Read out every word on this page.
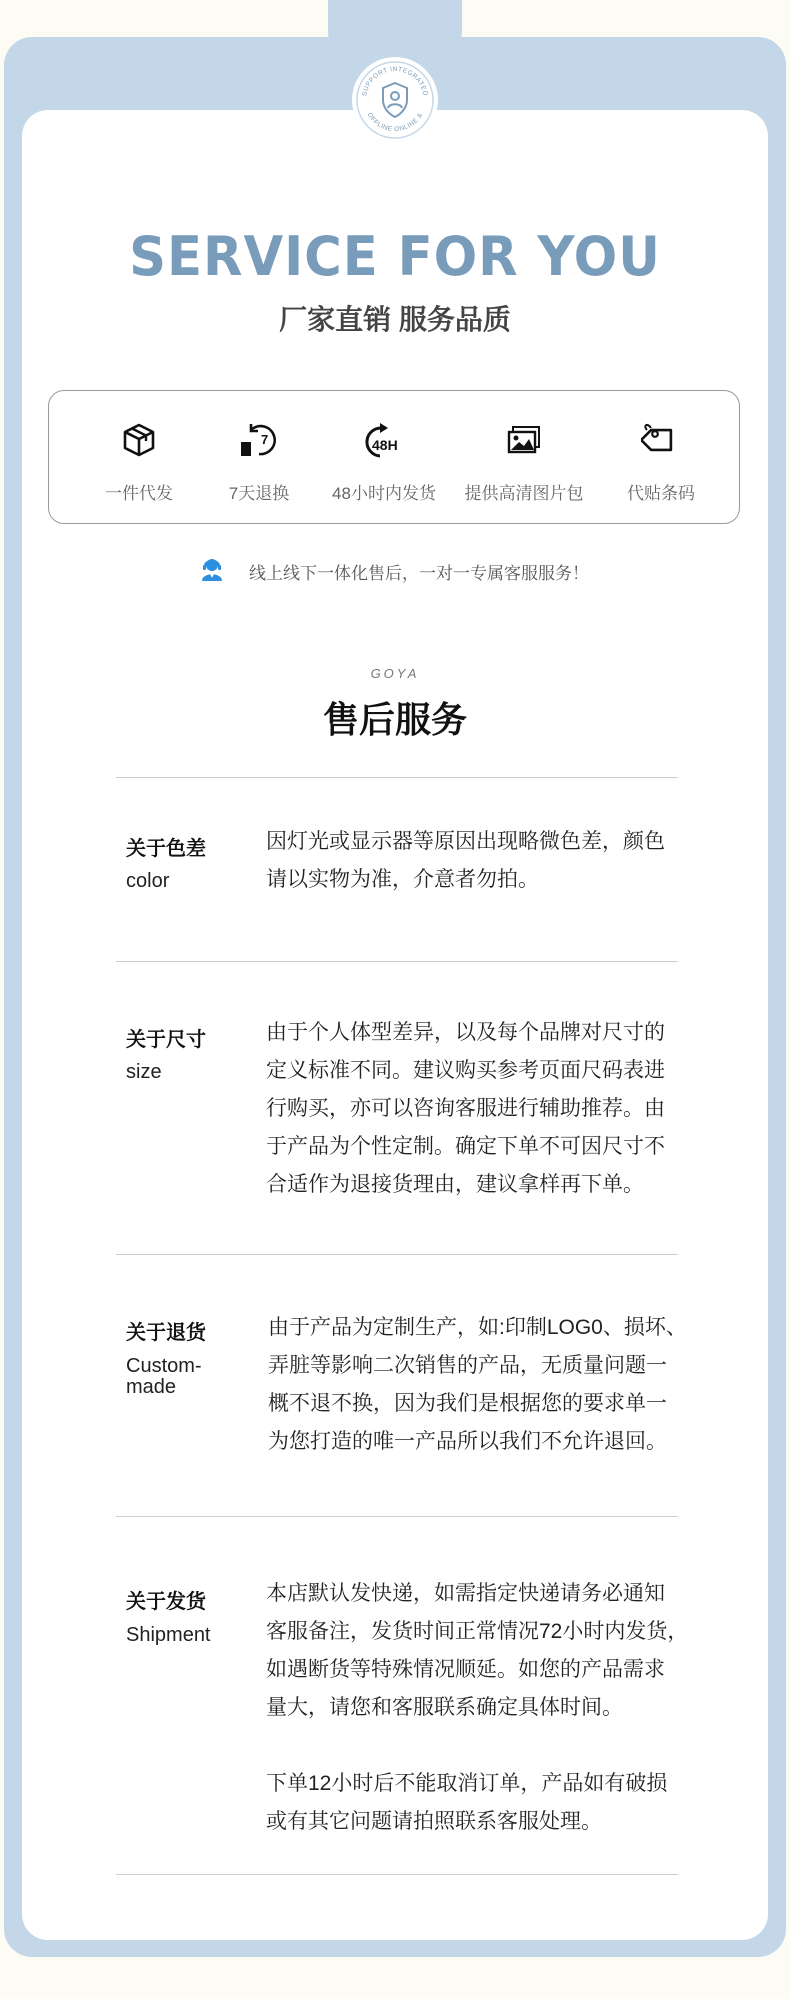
SUPPORT INTEGRATED
OFFLINE ONLINE &
SERVICE FOR YOU
厂家直销 服务品质
一件代发
7
7天退换
48H
48小时内发货	提供高清图片包	代贴条码
线上线下一体化售后，一对一专属客服服务！
GOYA
售后服务
关于色差
color

因灯光或显示器等原因出现略微色差，颜色

请以实物为准，介意者勿拍。

关于尺寸
size

由于个人体型差异，以及每个品牌对尺寸的

定义标准不同。建议购买参考页面尺码表进

行购买，亦可以咨询客服进行辅助推荐。由

于产品为个性定制。确定下单不可因尺寸不

合适作为退接货理由，建议拿样再下单。

关于退货
Custom-
made

由于产品为定制生产，如:印制LOG0、损坏、

弄脏等影响二次销售的产品，无质量问题一

概不退不换，因为我们是根据您的要求单一

为您打造的唯一产品所以我们不允许退回。

关于发货
Shipment

本店默认发快递，如需指定快递请务必通知

客服备注，发货时间正常情况72小时内发货，

如遇断货等特殊情况顺延。如您的产品需求

量大，请您和客服联系确定具体时间。

下单12小时后不能取消订单，产品如有破损

或有其它问题请拍照联系客服处理。
